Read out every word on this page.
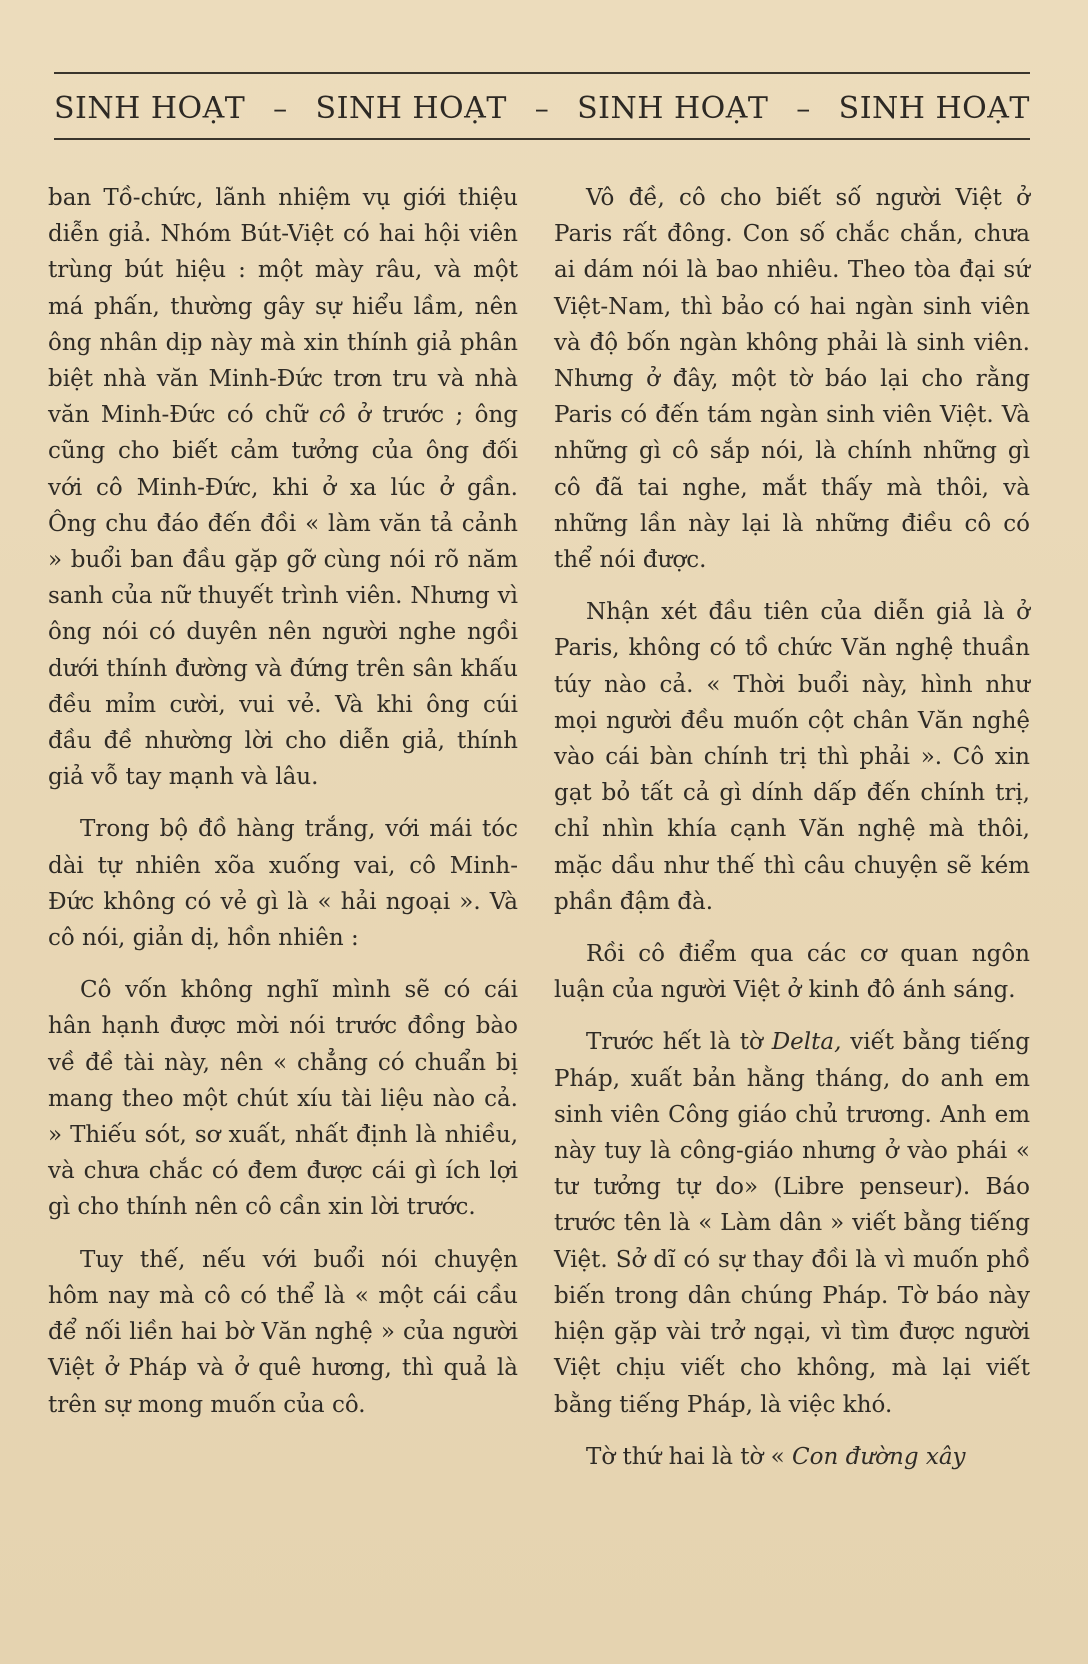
SINH HOẠT – SINH HOẠT – SINH HOẠT – SINH HOẠT

ban Tồ-chức, lãnh nhiệm vụ giới thiệu diễn giả. Nhóm Bút-Việt có hai hội viên trùng bút hiệu : một mày râu, và một má phấn, thường gây sự hiểu lầm, nên ông nhân dịp này mà xin thính giả phân biệt nhà văn Minh-Đức trơn tru và nhà văn Minh-Đức có chữ cô ở trước ; ông cũng cho biết cảm tưởng của ông đối với cô Minh-Đức, khi ở xa lúc ở gần. Ông chu đáo đến đồi « làm văn tả cảnh » buổi ban đầu gặp gỡ cùng nói rõ năm sanh của nữ thuyết trình viên. Nhưng vì ông nói có duyên nên người nghe ngồi dưới thính đường và đứng trên sân khấu đều mỉm cười, vui vẻ. Và khi ông cúi đầu đề nhường lời cho diễn giả, thính giả vỗ tay mạnh và lâu.

Trong bộ đồ hàng trắng, với mái tóc dài tự nhiên xõa xuống vai, cô Minh-Đức không có vẻ gì là « hải ngoại ». Và cô nói, giản dị, hồn nhiên :

Cô vốn không nghĩ mình sẽ có cái hân hạnh được mời nói trước đồng bào về đề tài này, nên « chẳng có chuẩn bị mang theo một chút xíu tài liệu nào cả. » Thiếu sót, sơ xuất, nhất định là nhiều, và chưa chắc có đem được cái gì ích lợi gì cho thính nên cô cần xin lời trước.

Tuy thế, nếu với buổi nói chuyện hôm nay mà cô có thể là « một cái cầu để nối liền hai bờ Văn nghệ » của người Việt ở Pháp và ở quê hương, thì quả là trên sự mong muốn của cô.

Vô đề, cô cho biết số người Việt ở Paris rất đông. Con số chắc chắn, chưa ai dám nói là bao nhiêu. Theo tòa đại sứ Việt-Nam, thì bảo có hai ngàn sinh viên và độ bốn ngàn không phải là sinh viên. Nhưng ở đây, một tờ báo lại cho rằng Paris có đến tám ngàn sinh viên Việt. Và những gì cô sắp nói, là chính những gì cô đã tai nghe, mắt thấy mà thôi, và những lần này lại là những điều cô có thể nói được.

Nhận xét đầu tiên của diễn giả là ở Paris, không có tồ chức Văn nghệ thuần túy nào cả. « Thời buổi này, hình như mọi người đều muốn cột chân Văn nghệ vào cái bàn chính trị thì phải ». Cô xin gạt bỏ tất cả gì dính dấp đến chính trị, chỉ nhìn khía cạnh Văn nghệ mà thôi, mặc dầu như thế thì câu chuyện sẽ kém phần đậm đà.

Rồi cô điểm qua các cơ quan ngôn luận của người Việt ở kinh đô ánh sáng.

Trước hết là tờ Delta, viết bằng tiếng Pháp, xuất bản hằng tháng, do anh em sinh viên Công giáo chủ trương. Anh em này tuy là công-giáo nhưng ở vào phái « tư tưởng tự do» (Libre penseur). Báo trước tên là « Làm dân » viết bằng tiếng Việt. Sở dĩ có sự thay đồi là vì muốn phồ biến trong dân chúng Pháp. Tờ báo này hiện gặp vài trở ngại, vì tìm được người Việt chịu viết cho không, mà lại viết bằng tiếng Pháp, là việc khó.

Tờ thứ hai là tờ « Con đường xây
